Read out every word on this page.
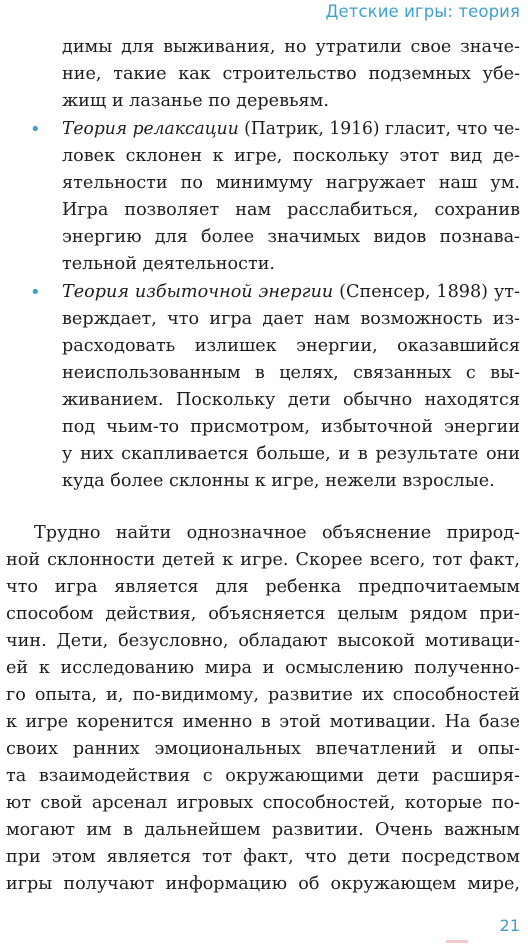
Детские игры: теория
димы для выживания, но утратили свое значе-
ние, такие как строительство подземных убе-
жищ и лазанье по деревьям.
• Теория релаксации (Патрик, 1916) гласит, что че-
ловек склонен к игре, поскольку этот вид де-
ятельности по минимуму нагружает наш ум.
Игра позволяет нам расслабиться, сохранив
энергию для более значимых видов познава-
тельной деятельности.
• Теория избыточной энергии (Спенсер, 1898) ут-
верждает, что игра дает нам возможность из-
расходовать излишек энергии, оказавшийся
неиспользованным в целях, связанных с вы-
живанием. Поскольку дети обычно находятся
под чьим-то присмотром, избыточной энергии
у них скапливается больше, и в результате они
куда более склонны к игре, нежели взрослые.
Трудно найти однозначное объяснение природ-
ной склонности детей к игре. Скорее всего, тот факт,
что игра является для ребенка предпочитаемым
способом действия, объясняется целым рядом при-
чин. Дети, безусловно, обладают высокой мотиваци-
ей к исследованию мира и осмыслению полученно-
го опыта, и, по-видимому, развитие их способностей
к игре коренится именно в этой мотивации. На базе
своих ранних эмоциональных впечатлений и опы-
та взаимодействия с окружающими дети расширя-
ют свой арсенал игровых способностей, которые по-
могают им в дальнейшем развитии. Очень важным
при этом является тот факт, что дети посредством
игры получают информацию об окружающем мире,
21
